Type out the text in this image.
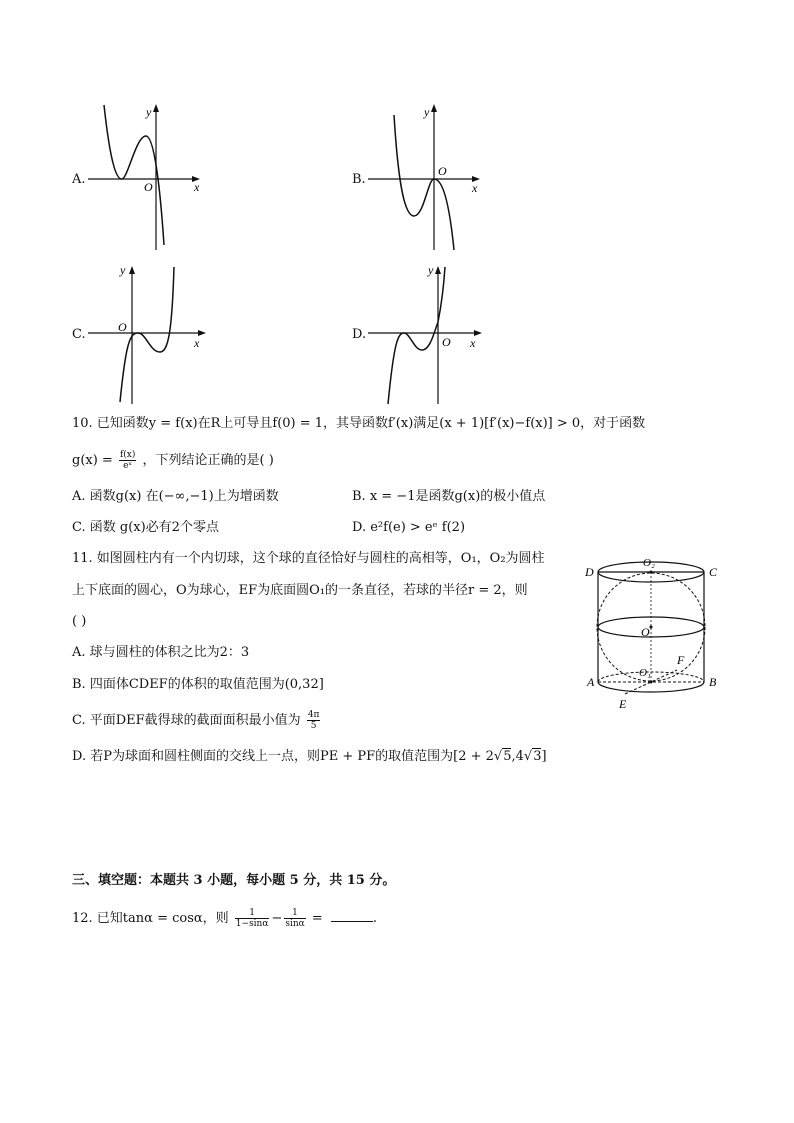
A.
y
O	x	B.
y
O
x
C.
y
O
x
D.
y
O x
10. 已知函数y = f(x)在R上可导且f(0) = 1，其导函数f′(x)满足(x + 1)[f′(x)−f(x)] > 0，对于函数
$g(x) = \frac{f(x)}{\text{eˣ}}$ ，下列结论正确的是( )
A. 函数g(x) 在(−∞,−1)上为增函数	B. x = −1是函数g(x)的极小值点
C. 函数 g(x)必有2个零点	D. e²f(e) > eᵉ f(2)
11. 如图圆柱内有一个内切球，这个球的直径恰好与圆柱的高相等，O₁，O₂为圆柱
上下底面的圆心，O为球心，EF为底面圆O₁的一条直径，若球的半径r = 2，则
( )
A. 球与圆柱的体积之比为2：3
B. 四面体CDEF的体积的取值范围为(0,32]
C. 平面DEF截得球的截面面积最小值为 $\frac{4\pi}{5}$
D. 若P为球面和圆柱侧面的交线上一点，则PE + PF的取值范围为[2 + 2√5,4√3]
D	C
O₂
O
O₁
F
A	B
E
三、填空题：本题共 3 小题，每小题 5 分，共 15 分。
12. 已知tanα = cosα，则 $\frac{1}{1-\sin\alpha} - \frac{1}{\sin\alpha}$ =	.
